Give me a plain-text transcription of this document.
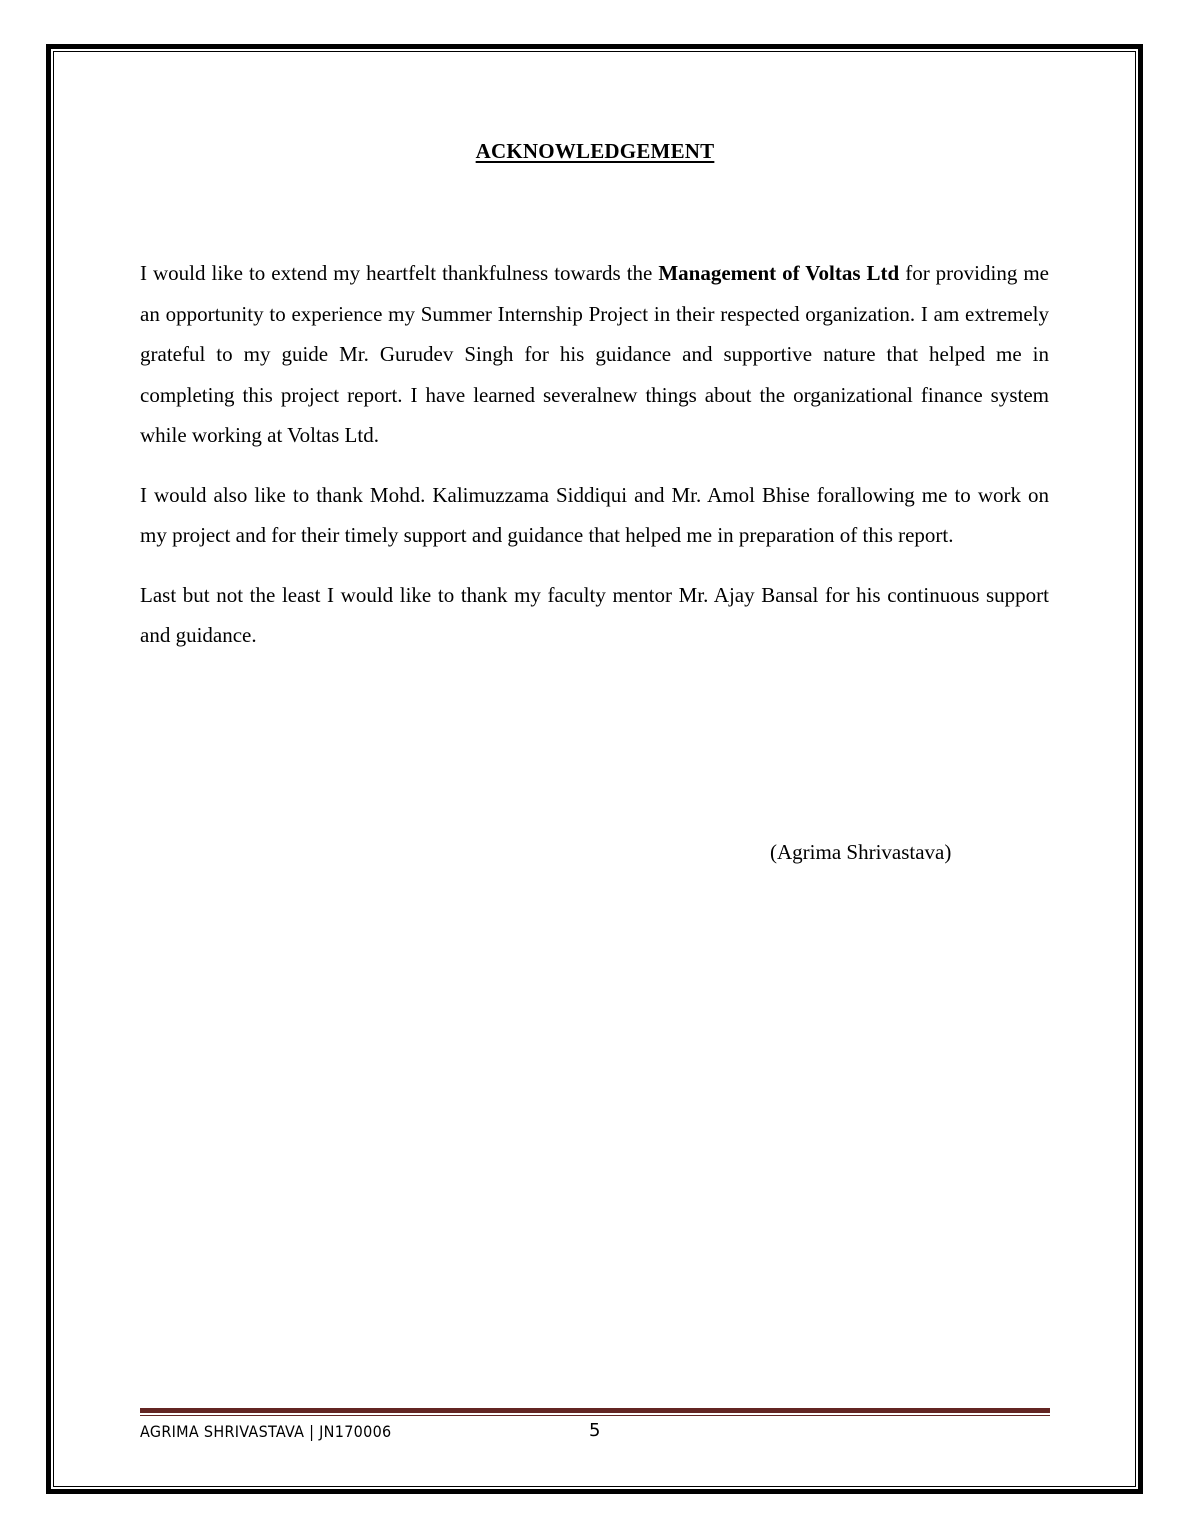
ACKNOWLEDGEMENT

I would like to extend my heartfelt thankfulness towards the Management of Voltas Ltd for providing me an opportunity to experience my Summer Internship Project in their respected organization. I am extremely grateful to my guide Mr. Gurudev Singh for his guidance and supportive nature that helped me in completing this project report. I have learned severalnew things about the organizational finance system while working at Voltas Ltd.

I would also like to thank Mohd. Kalimuzzama Siddiqui and Mr. Amol Bhise forallowing me to work on my project and for their timely support and guidance that helped me in preparation of this report.

Last but not the least I would like to thank my faculty mentor Mr. Ajay Bansal for his continuous support and guidance.

(Agrima Shrivastava)
AGRIMA SHRIVASTAVA | JN170006	5
